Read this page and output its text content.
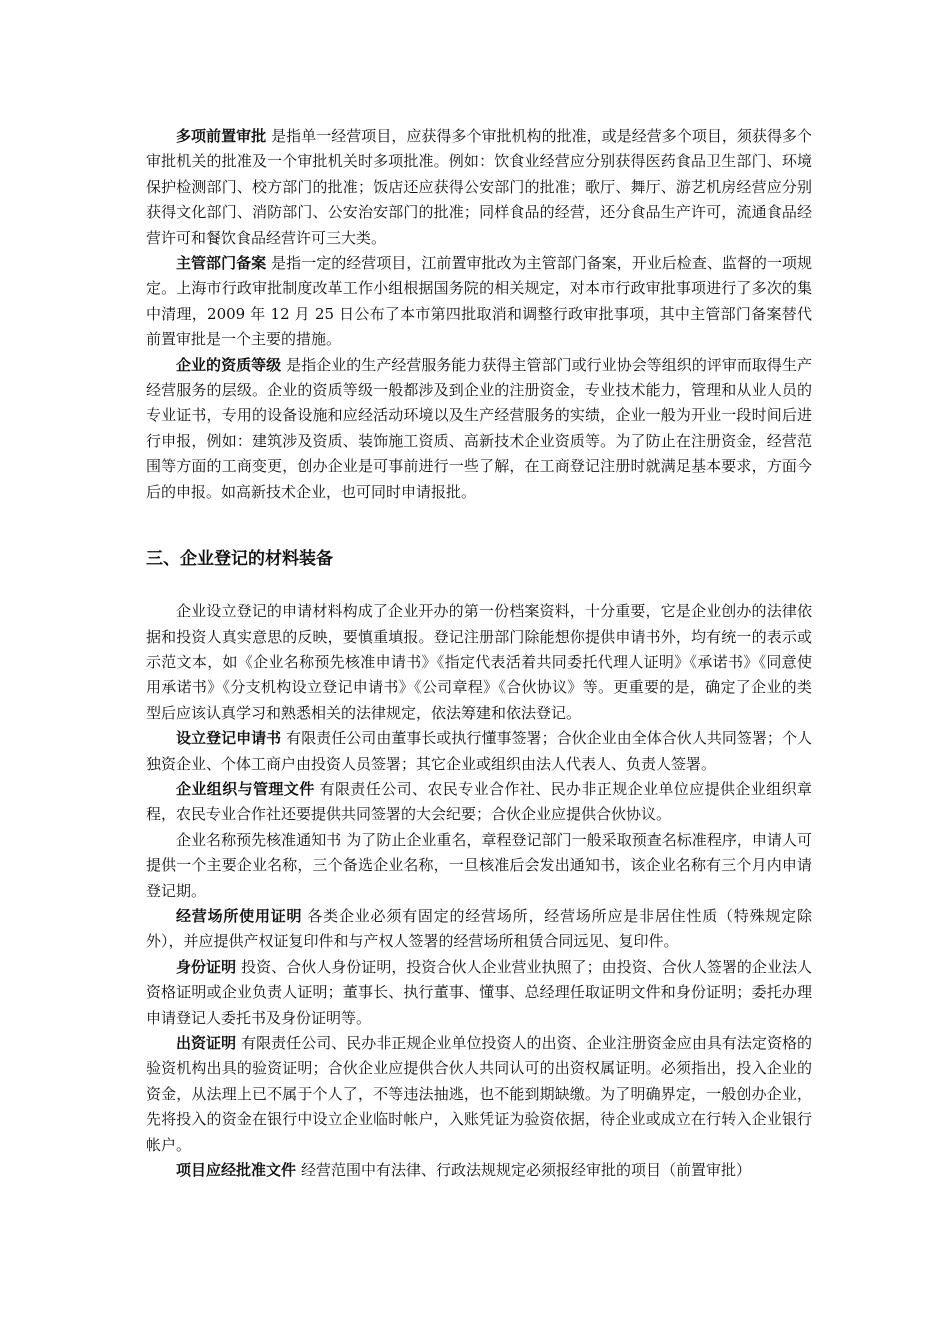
多项前置审批 是指单一经营项目，应获得多个审批机构的批准，或是经营多个项目，须获得多个审批机关的批准及一个审批机关时多项批准。例如：饮食业经营应分别获得医药食品卫生部门、环境保护检测部门、校方部门的批准；饭店还应获得公安部门的批准；歌厅、舞厅、游艺机房经营应分别获得文化部门、消防部门、公安治安部门的批准；同样食品的经营，还分食品生产许可，流通食品经营许可和餐饮食品经营许可三大类。

主管部门备案 是指一定的经营项目，江前置审批改为主管部门备案，开业后检查、监督的一项规定。上海市行政审批制度改革工作小组根据国务院的相关规定，对本市行政审批事项进行了多次的集中清理，2009 年 12 月 25 日公布了本市第四批取消和调整行政审批事项，其中主管部门备案替代前置审批是一个主要的措施。

企业的资质等级 是指企业的生产经营服务能力获得主管部门或行业协会等组织的评审而取得生产经营服务的层级。企业的资质等级一般都涉及到企业的注册资金，专业技术能力，管理和从业人员的专业证书，专用的设备设施和应经活动环境以及生产经营服务的实绩，企业一般为开业一段时间后进行申报，例如：建筑涉及资质、装饰施工资质、高新技术企业资质等。为了防止在注册资金，经营范围等方面的工商变更，创办企业是可事前进行一些了解，在工商登记注册时就满足基本要求，方面今后的申报。如高新技术企业，也可同时申请报批。

三、企业登记的材料装备

企业设立登记的申请材料构成了企业开办的第一份档案资料，十分重要，它是企业创办的法律依据和投资人真实意思的反映，要慎重填报。登记注册部门除能想你提供申请书外，均有统一的表示或示范文本，如《企业名称预先核准申请书》《指定代表活着共同委托代理人证明》《承诺书》《同意使用承诺书》《分支机构设立登记申请书》《公司章程》《合伙协议》等。更重要的是，确定了企业的类型后应该认真学习和熟悉相关的法律规定，依法筹建和依法登记。

设立登记申请书 有限责任公司由董事长或执行懂事签署；合伙企业由全体合伙人共同签署；个人独资企业、个体工商户由投资人员签署；其它企业或组织由法人代表人、负责人签署。

企业组织与管理文件 有限责任公司、农民专业合作社、民办非正规企业单位应提供企业组织章程，农民专业合作社还要提供共同签署的大会纪要；合伙企业应提供合伙协议。

企业名称预先核准通知书 为了防止企业重名，章程登记部门一般采取预查名标准程序，申请人可提供一个主要企业名称，三个备选企业名称，一旦核准后会发出通知书，该企业名称有三个月内申请登记期。

经营场所使用证明 各类企业必须有固定的经营场所，经营场所应是非居住性质（特殊规定除外），并应提供产权证复印件和与产权人签署的经营场所租赁合同远见、复印件。

身份证明 投资、合伙人身份证明，投资合伙人企业营业执照了；由投资、合伙人签署的企业法人资格证明或企业负责人证明；董事长、执行董事、懂事、总经理任取证明文件和身份证明；委托办理申请登记人委托书及身份证明等。

出资证明 有限责任公司、民办非正规企业单位投资人的出资、企业注册资金应由具有法定资格的验资机构出具的验资证明；合伙企业应提供合伙人共同认可的出资权属证明。必须指出，投入企业的资金，从法理上已不属于个人了，不等违法抽逃，也不能到期缺缴。为了明确界定，一般创办企业，先将投入的资金在银行中设立企业临时帐户，入账凭证为验资依据，待企业或成立在行转入企业银行帐户。

项目应经批准文件 经营范围中有法律、行政法规规定必须报经审批的项目（前置审批）
